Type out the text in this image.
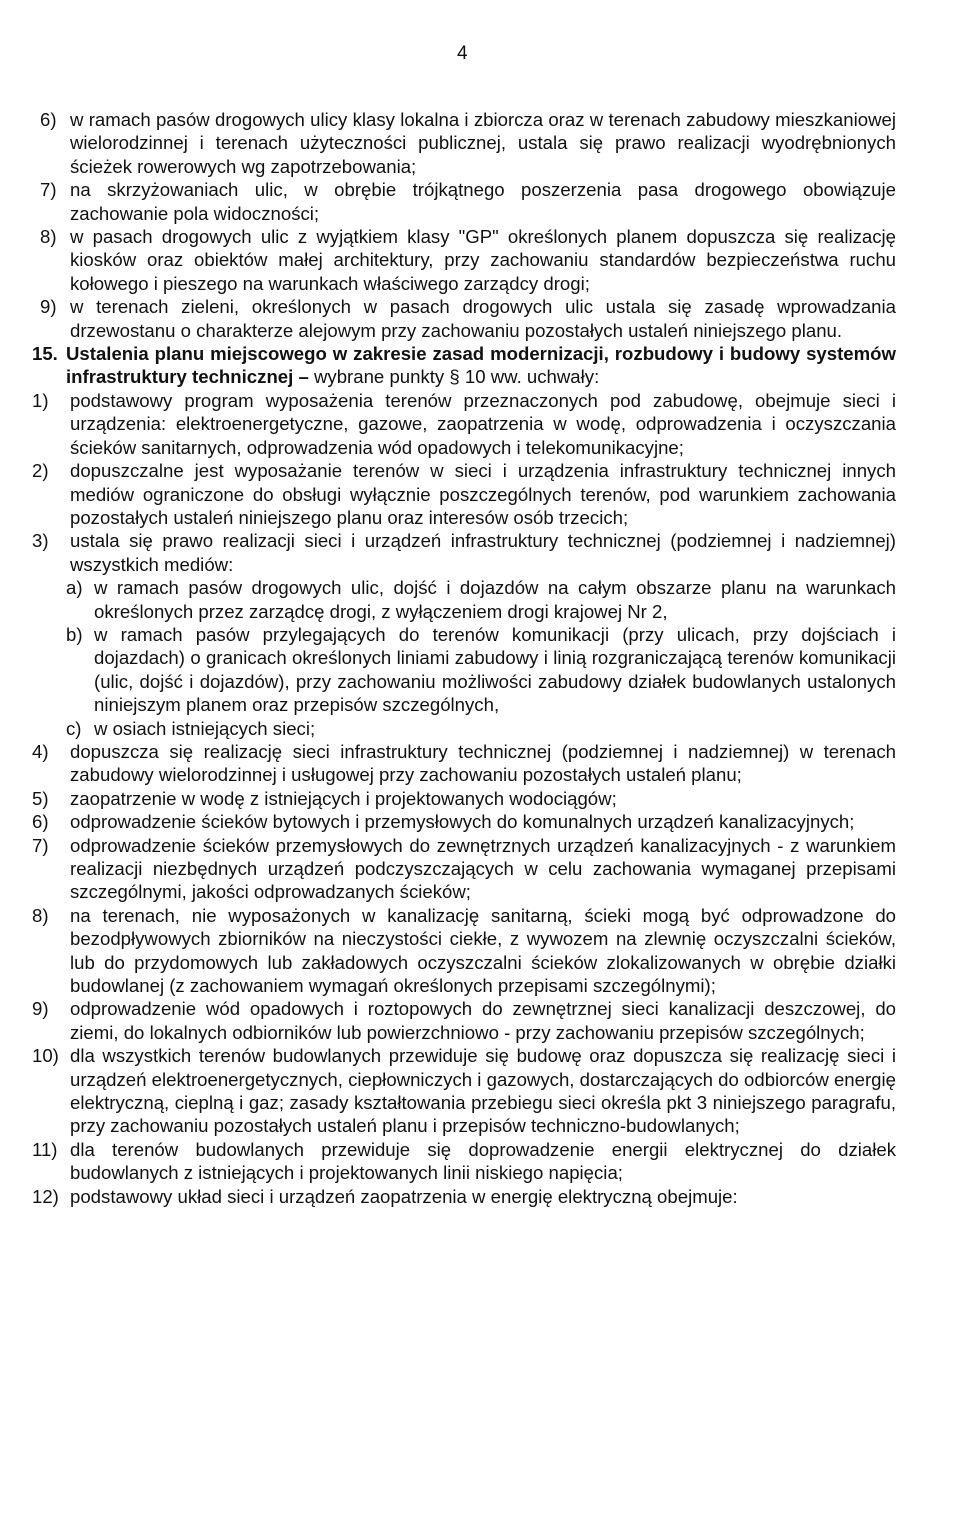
4
6) w ramach pasów drogowych ulicy klasy lokalna i zbiorcza oraz w terenach zabudowy mieszkaniowej wielorodzinnej i terenach użyteczności publicznej, ustala się prawo realizacji wyodrębnionych ścieżek rowerowych wg zapotrzebowania;
7) na skrzyżowaniach ulic, w obrębie trójkątnego poszerzenia pasa drogowego obowiązuje zachowanie pola widoczności;
8) w pasach drogowych ulic z wyjątkiem klasy "GP" określonych planem dopuszcza się realizację kiosków oraz obiektów małej architektury, przy zachowaniu standardów bezpieczeństwa ruchu kołowego i pieszego na warunkach właściwego zarządcy drogi;
9) w terenach zieleni, określonych w pasach drogowych ulic ustala się zasadę wprowadzania drzewostanu o charakterze alejowym przy zachowaniu pozostałych ustaleń niniejszego planu.
15. Ustalenia planu miejscowego w zakresie zasad modernizacji, rozbudowy i budowy systemów infrastruktury technicznej – wybrane punkty § 10 ww. uchwały:
1)	podstawowy program wyposażenia terenów przeznaczonych pod zabudowę, obejmuje sieci i urządzenia: elektroenergetyczne, gazowe, zaopatrzenia w wodę, odprowadzenia i oczyszczania ścieków sanitarnych, odprowadzenia wód opadowych i telekomunikacyjne;
2)	dopuszczalne jest wyposażanie terenów w sieci i urządzenia infrastruktury technicznej innych mediów ograniczone do obsługi wyłącznie poszczególnych terenów, pod warunkiem zachowania pozostałych ustaleń niniejszego planu oraz interesów osób trzecich;
3)	ustala się prawo realizacji sieci i urządzeń infrastruktury technicznej (podziemnej i nadziemnej) wszystkich mediów:
a) w ramach pasów drogowych ulic, dojść i dojazdów na całym obszarze planu na warunkach określonych przez zarządcę drogi, z wyłączeniem drogi krajowej Nr 2,
b) w ramach pasów przylegających do terenów komunikacji (przy ulicach, przy dojściach i dojazdach) o granicach określonych liniami zabudowy i linią rozgraniczającą terenów komunikacji (ulic, dojść i dojazdów), przy zachowaniu możliwości zabudowy działek budowlanych ustalonych niniejszym planem oraz przepisów szczególnych,
c) w osiach istniejących sieci;
4)	dopuszcza się realizację sieci infrastruktury technicznej (podziemnej i nadziemnej) w terenach zabudowy wielorodzinnej i usługowej przy zachowaniu pozostałych ustaleń planu;
5)	zaopatrzenie w wodę z istniejących i projektowanych wodociągów;
6)	odprowadzenie ścieków bytowych i przemysłowych do komunalnych urządzeń kanalizacyjnych;
7)	odprowadzenie ścieków przemysłowych do zewnętrznych urządzeń kanalizacyjnych - z warunkiem realizacji niezbędnych urządzeń podczyszczających w celu zachowania wymaganej przepisami szczególnymi, jakości odprowadzanych ścieków;
8)	na terenach, nie wyposażonych w kanalizację sanitarną, ścieki mogą być odprowadzone do bezodpływowych zbiorników na nieczystości ciekłe, z wywozem na zlewnię oczyszczalni ścieków, lub do przydomowych lub zakładowych oczyszczalni ścieków zlokalizowanych w obrębie działki budowlanej (z zachowaniem wymagań określonych przepisami szczególnymi);
9)	odprowadzenie wód opadowych i roztopowych do zewnętrznej sieci kanalizacji deszczowej, do ziemi, do lokalnych odbiorników lub powierzchniowo - przy zachowaniu przepisów szczególnych;
10) dla wszystkich terenów budowlanych przewiduje się budowę oraz dopuszcza się realizację sieci i urządzeń elektroenergetycznych, ciepłowniczych i gazowych, dostarczających do odbiorców energię elektryczną, cieplną i gaz; zasady kształtowania przebiegu sieci określa pkt 3 niniejszego paragrafu, przy zachowaniu pozostałych ustaleń planu i przepisów techniczno-budowlanych;
11) dla terenów budowlanych przewiduje się doprowadzenie energii elektrycznej do działek budowlanych z istniejących i projektowanych linii niskiego napięcia;
12) podstawowy układ sieci i urządzeń zaopatrzenia w energię elektryczną obejmuje:
